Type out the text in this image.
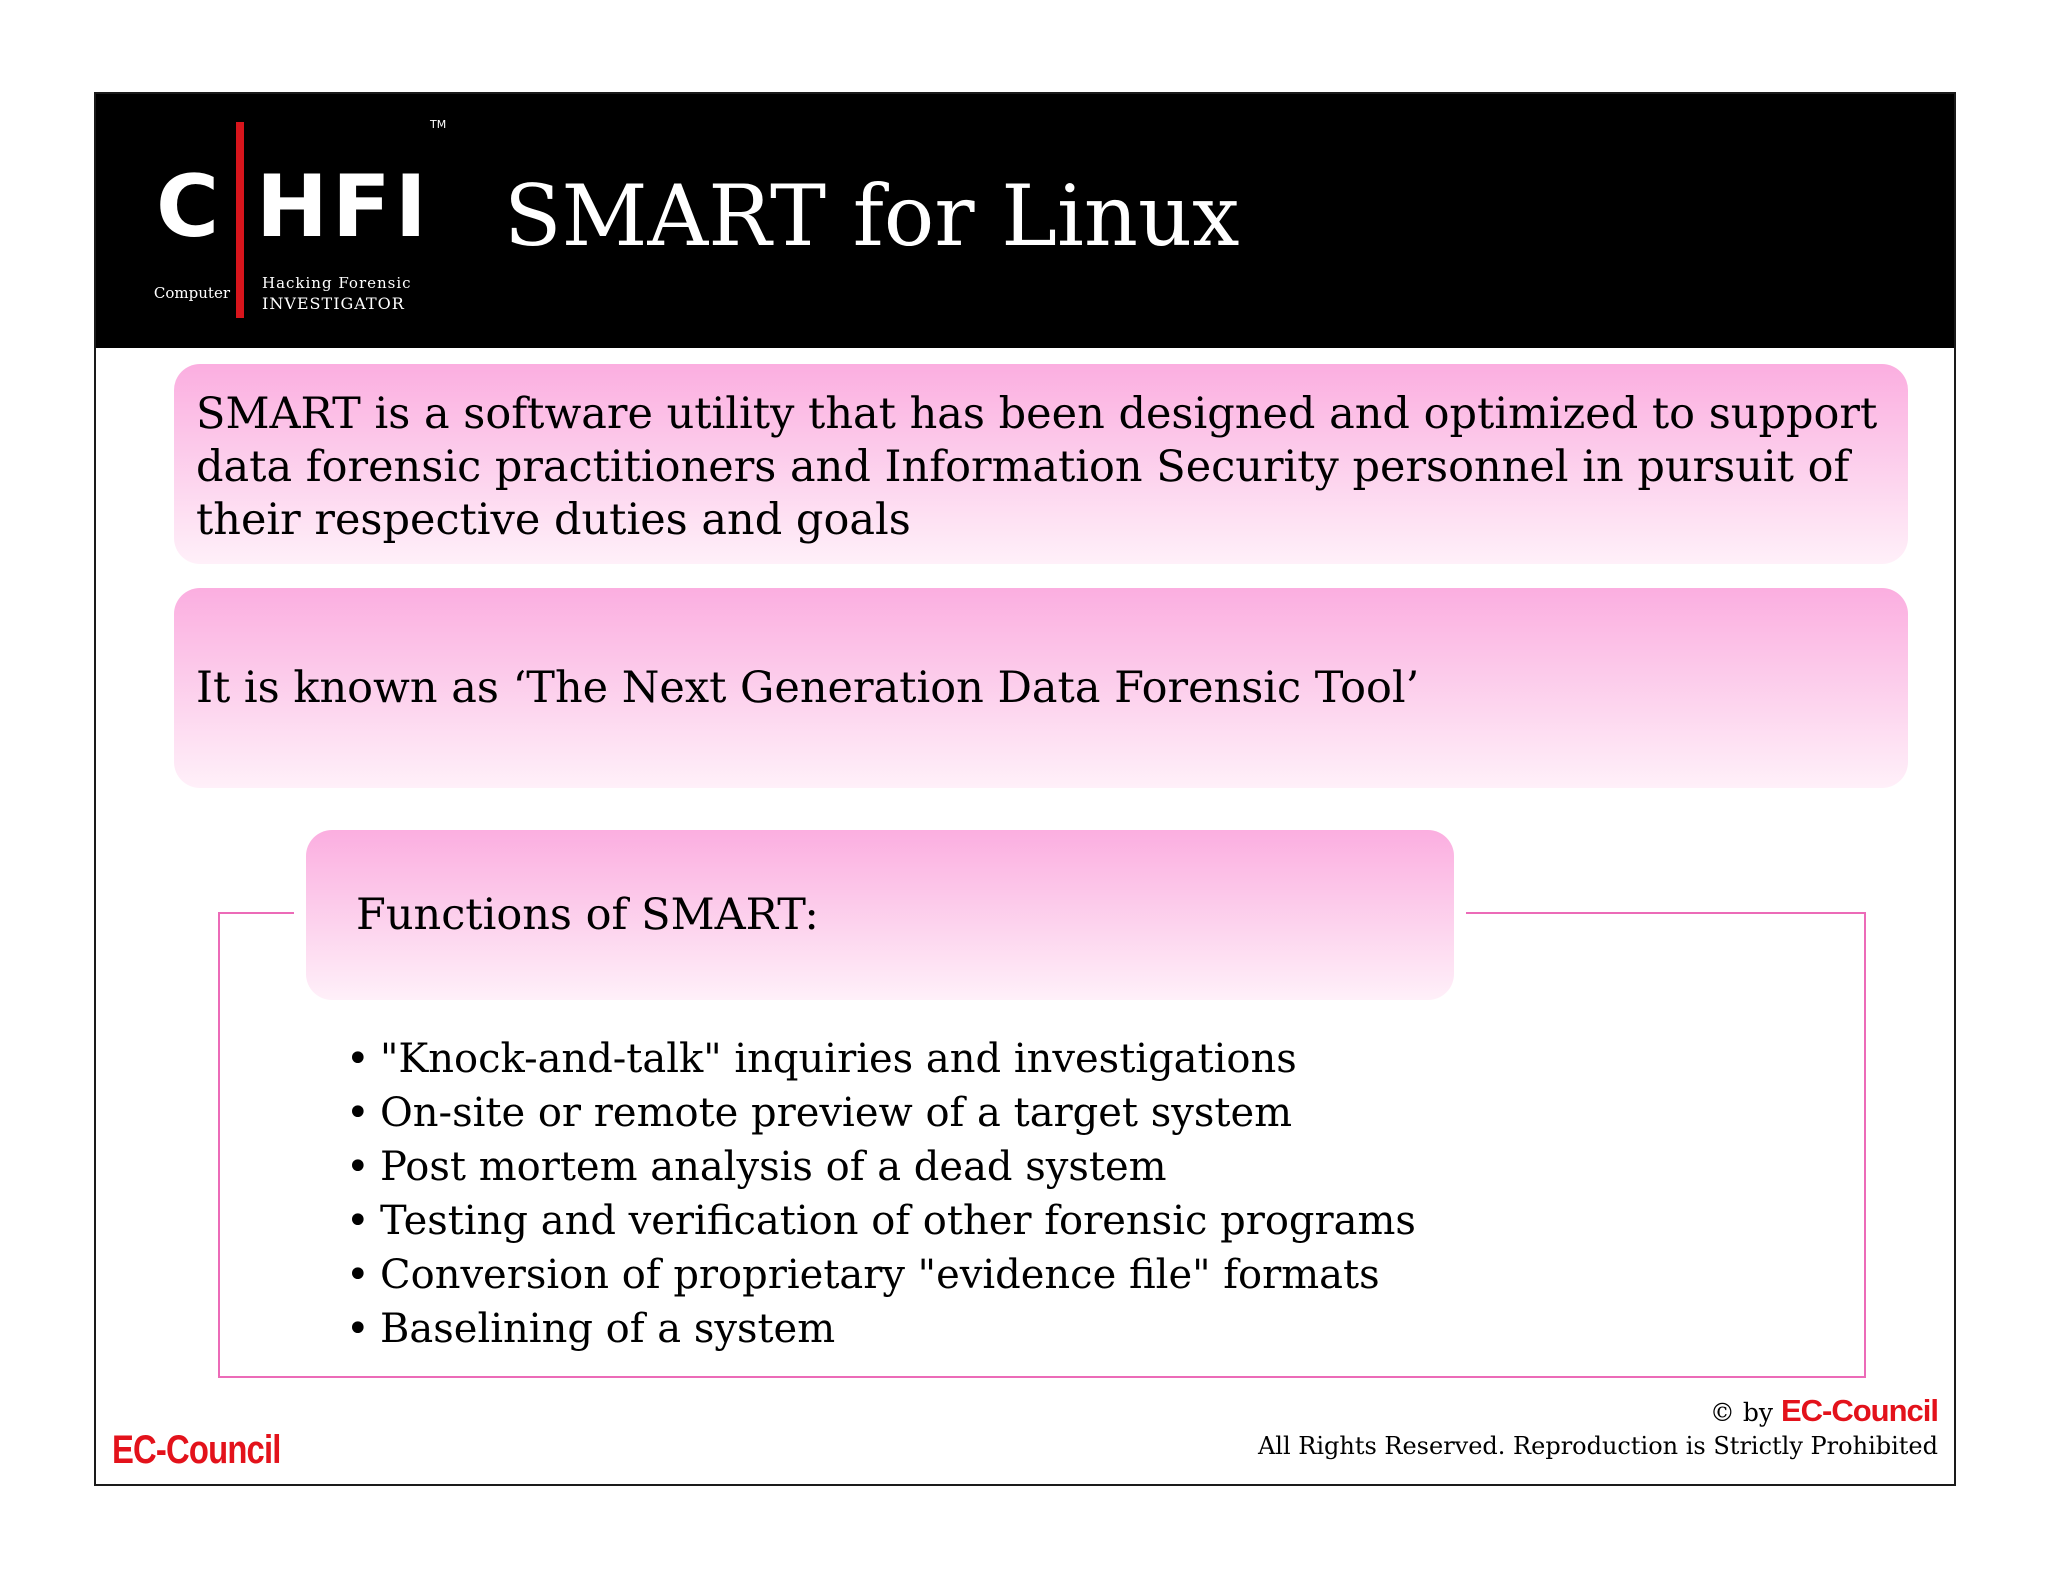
C HFI
TM
Computer
Hacking Forensic
INVESTIGATOR
SMART for Linux
SMART is a software utility that has been designed and optimized to support data forensic practitioners and Information Security personnel in pursuit of their respective duties and goals
It is known as ‘The Next Generation Data Forensic Tool’
Functions of SMART:
• "Knock-and-talk" inquiries and investigations
• On-site or remote preview of a target system
• Post mortem analysis of a dead system
• Testing and verification of other forensic programs
• Conversion of proprietary "evidence file" formats
• Baselining of a system
EC-Council
© by EC-Council
All Rights Reserved. Reproduction is Strictly Prohibited
